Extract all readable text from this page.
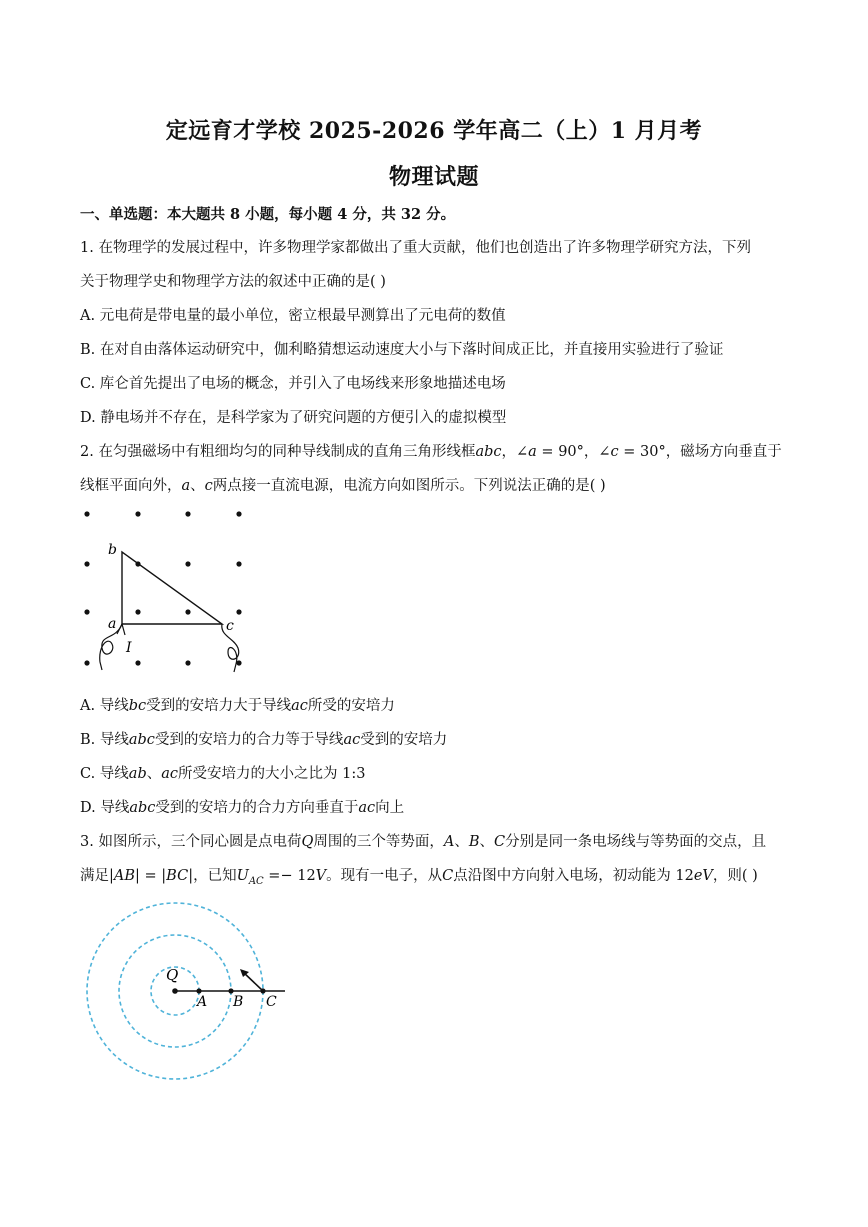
定远育才学校 2025-2026 学年高二（上）1 月月考
物理试题
一、单选题：本大题共 8 小题，每小题 4 分，共 32 分。
1. 在物理学的发展过程中，许多物理学家都做出了重大贡献，他们也创造出了许多物理学研究方法，下列
关于物理学史和物理学方法的叙述中正确的是( )
A. 元电荷是带电量的最小单位，密立根最早测算出了元电荷的数值
B. 在对自由落体运动研究中，伽利略猜想运动速度大小与下落时间成正比，并直接用实验进行了验证
C. 库仑首先提出了电场的概念，并引入了电场线来形象地描述电场
D. 静电场并不存在，是科学家为了研究问题的方便引入的虚拟模型
2. 在匀强磁场中有粗细均匀的同种导线制成的直角三角形线框abc，∠a = 90°，∠c = 30°，磁场方向垂直于
线框平面向外，a、c两点接一直流电源，电流方向如图所示。下列说法正确的是( )
b
a	c
I
A. 导线bc受到的安培力大于导线ac所受的安培力
B. 导线abc受到的安培力的合力等于导线ac受到的安培力
C. 导线ab、ac所受安培力的大小之比为 1:3
D. 导线abc受到的安培力的合力方向垂直于ac向上
3. 如图所示，三个同心圆是点电荷Q周围的三个等势面，A、B、C分别是同一条电场线与等势面的交点，且
满足|AB| = |BC|，已知$U_{AC} =- 12V$。现有一电子，从C点沿图中方向射入电场，初动能为 12eV，则( )
Q
A B C
